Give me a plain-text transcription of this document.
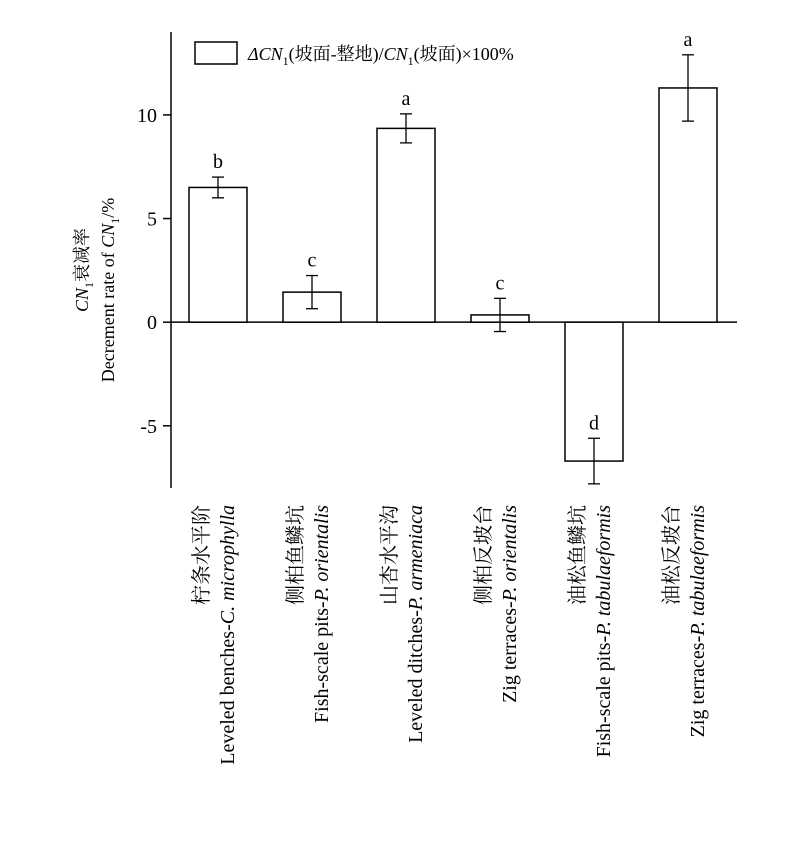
$\Delta CN_1$(坡面-整地)$/CN_1$(坡面)×100%
$CN_1$衰减率 Decrement rate of $CN_1/\%$
10
5
0
-5
b
c
a
c
d
a
柠条水平阶
Leveled benches-C. microphylla 侧柏鱼鳞坑
Fish-scale pits-P. orientalis 山杏水平沟
Leveled ditches-P. armeniaca 侧柏反坡台
Zig terraces-P. orientalis 油松鱼鳞坑
Fish-scale pits-P. tabulaeformis 油松反坡台
Zig terraces-P. tabulaeformis
